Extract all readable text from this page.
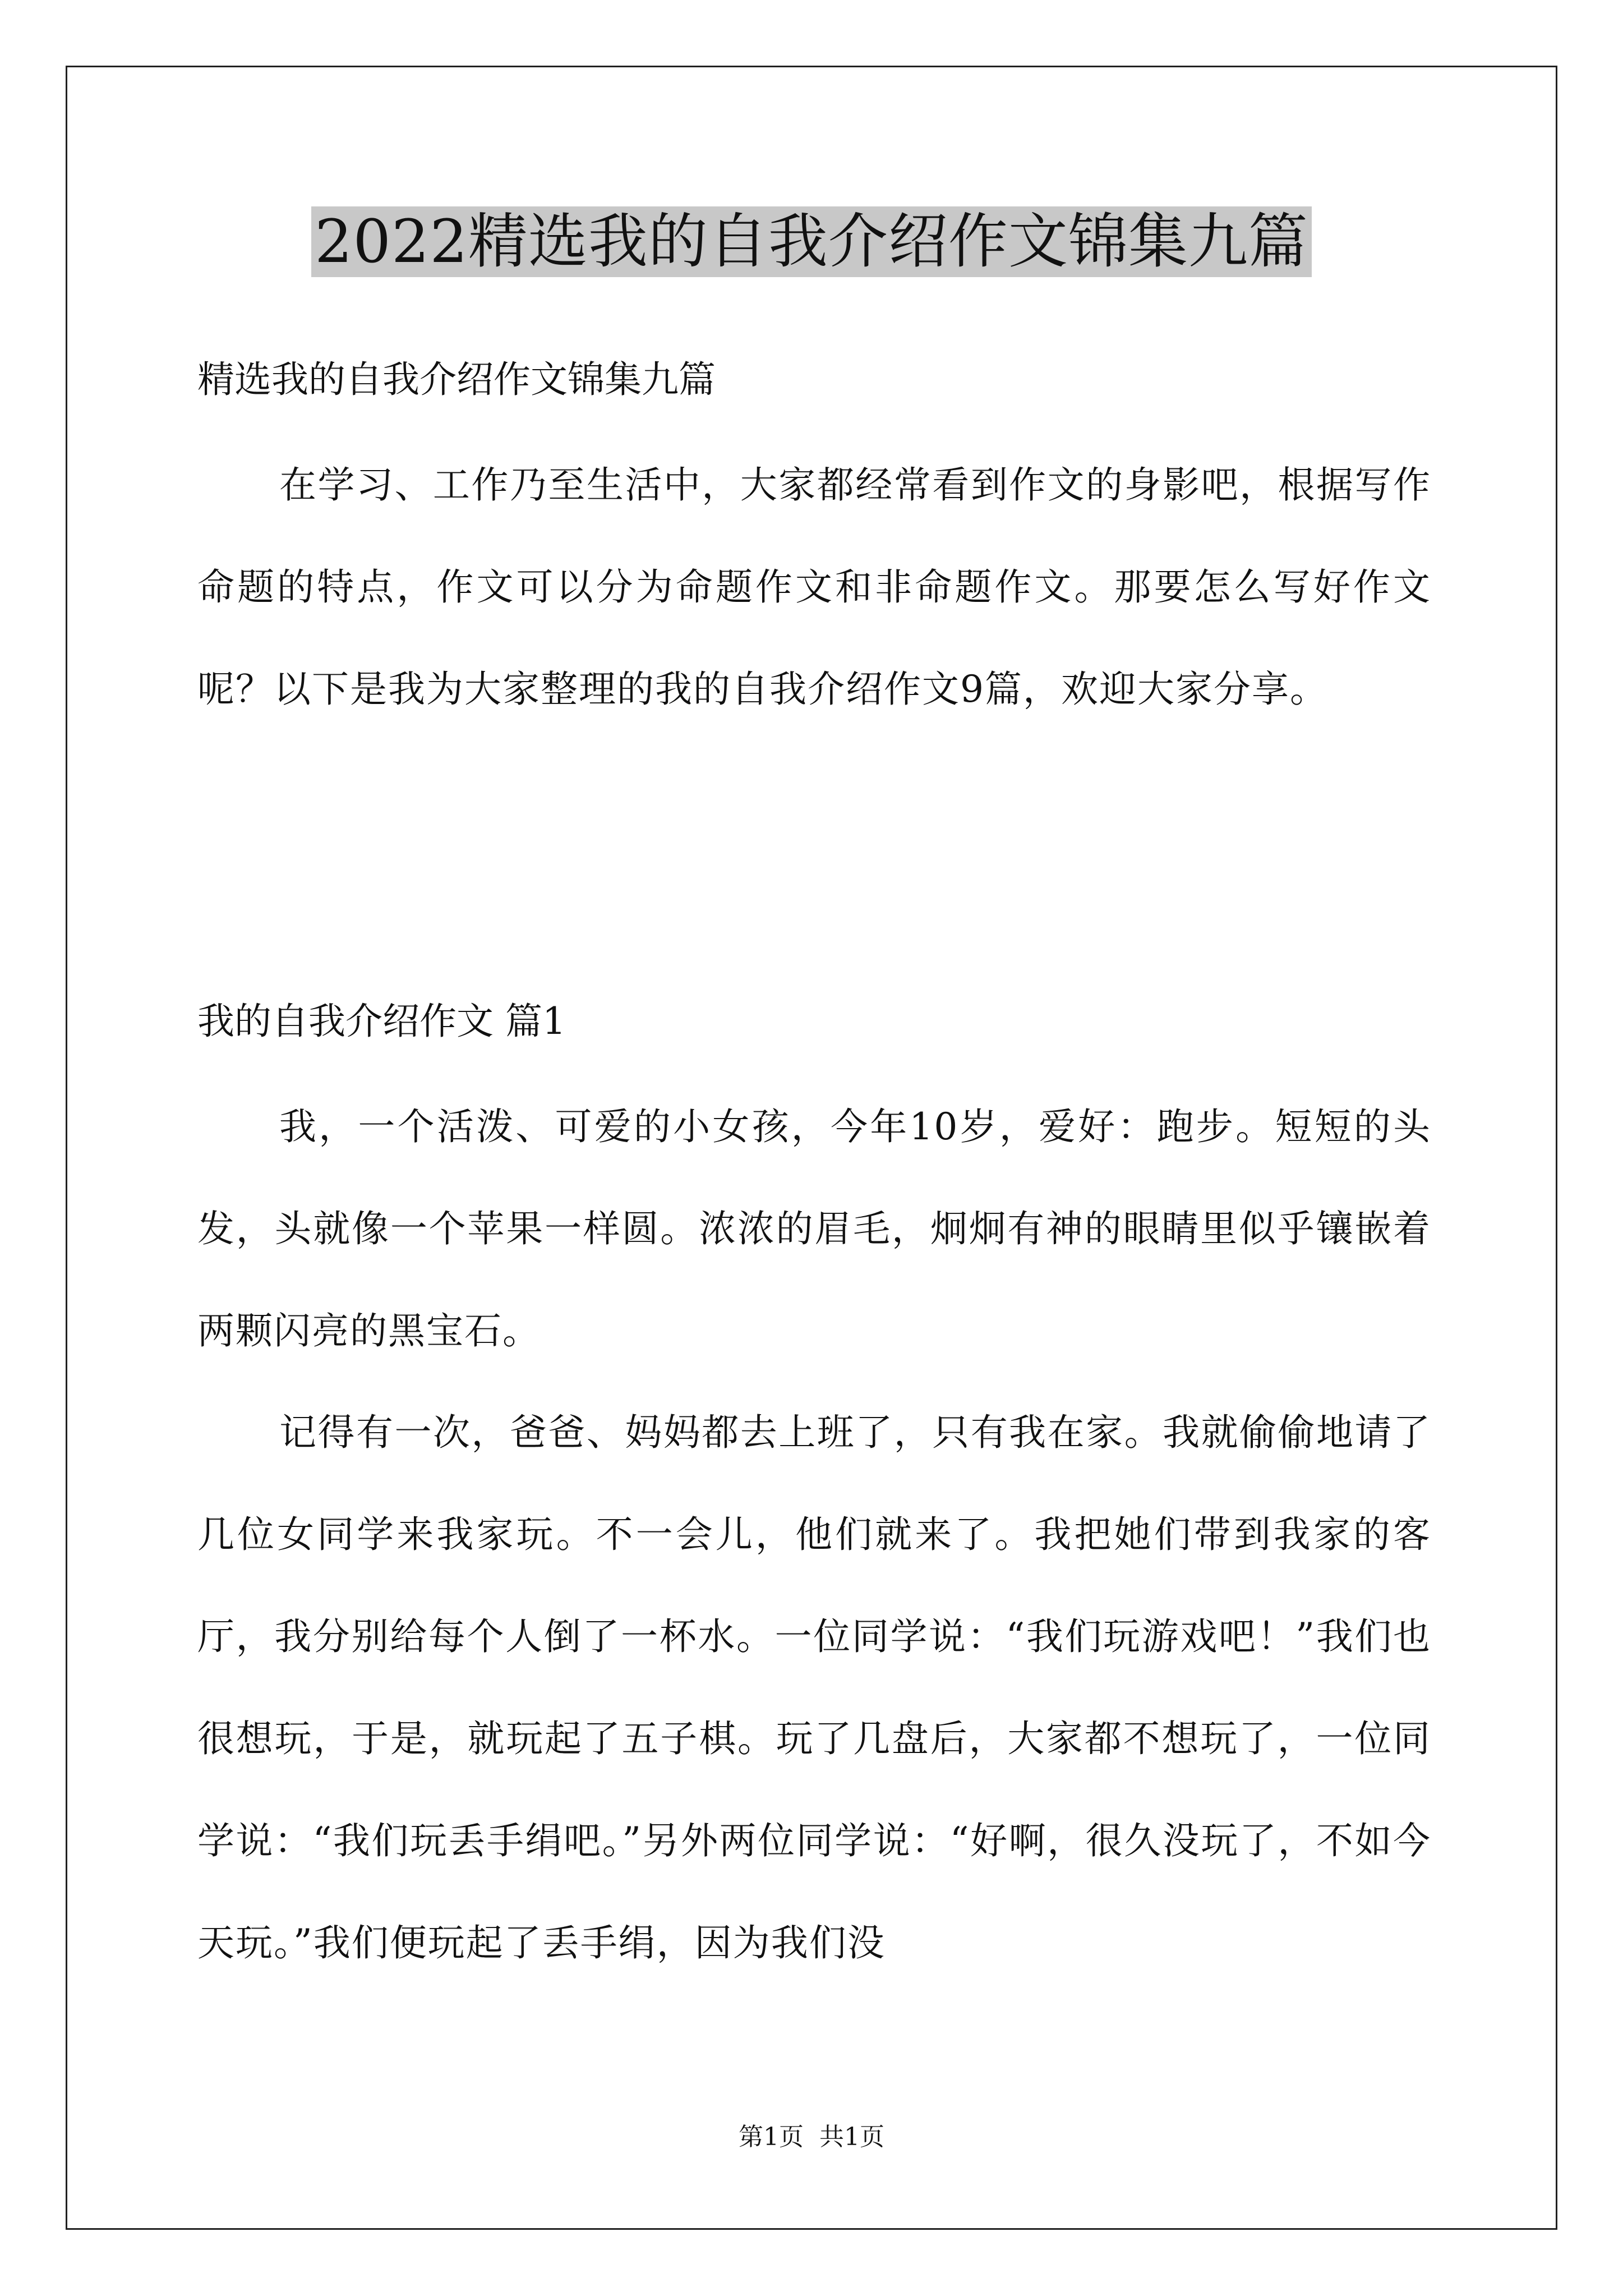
2022精选我的自我介绍作文锦集九篇
精选我的自我介绍作文锦集九篇

在学习、工作乃至生活中，大家都经常看到作文的身影吧，根据写作命题的特点，作文可以分为命题作文和非命题作文。那要怎么写好作文呢？以下是我为大家整理的我的自我介绍作文9篇，欢迎大家分享。

我的自我介绍作文 篇1

我，一个活泼、可爱的小女孩，今年10岁，爱好：跑步。短短的头发，头就像一个苹果一样圆。浓浓的眉毛，炯炯有神的眼睛里似乎镶嵌着两颗闪亮的黑宝石。

记得有一次，爸爸、妈妈都去上班了，只有我在家。我就偷偷地请了几位女同学来我家玩。不一会儿，他们就来了。我把她们带到我家的客厅，我分别给每个人倒了一杯水。一位同学说：“我们玩游戏吧！”我们也很想玩，于是，就玩起了五子棋。玩了几盘后，大家都不想玩了，一位同学说：“我们玩丢手绢吧。”另外两位同学说：“好啊，很久没玩了，不如今天玩。”我们便玩起了丢手绢，因为我们没

第1页 共1页
